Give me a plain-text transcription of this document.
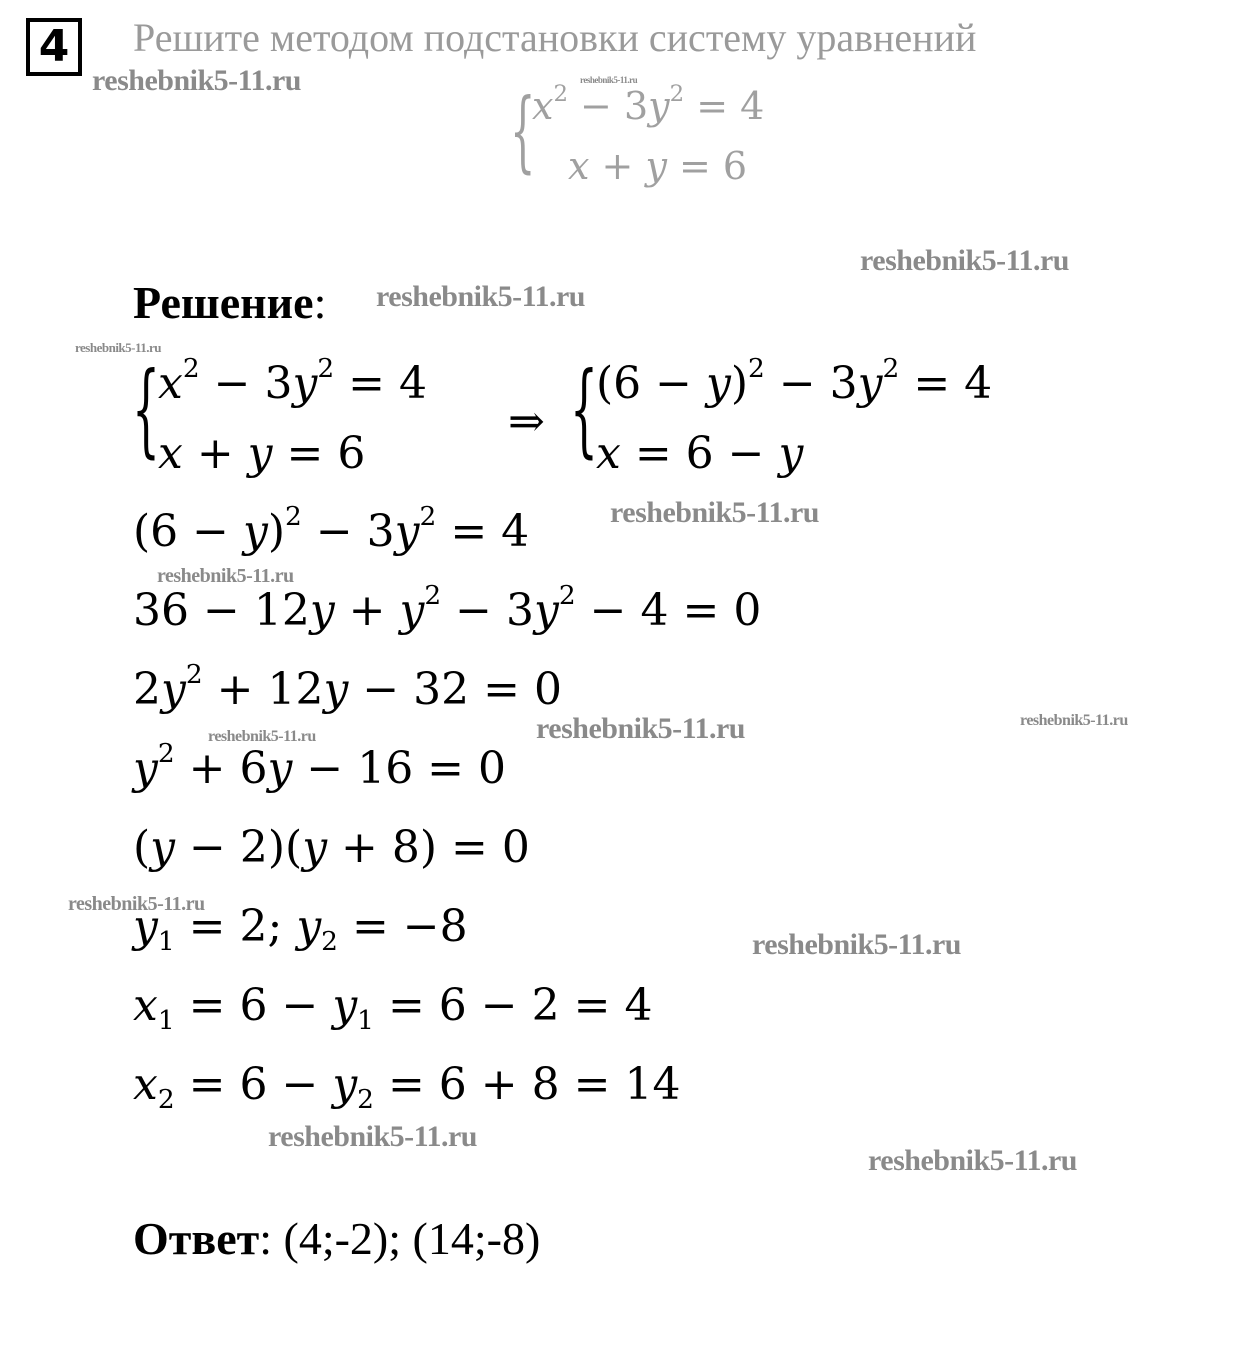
4	Решите методом подстановки систему уравнений
{
$x^2 - 3y^2 = 4$
x + y = 6
Решение:
{
$x^2 - 3y^2 = 4$
x + y = 6
⇒ {
$(6 - y)^2 - 3y^2 = 4$
x = 6 − y
$(6 - y)^2 - 3y^2 = 4$
$36 - 12y + y^2 - 3y^2 - 4 = 0$
$2y^2 + 12y - 32 = 0$
$y^2 + 6y - 16 = 0$
(y − 2)(y + 8) = 0
$y_1 = 2$; $y_2 = -8$
$x_1 = 6 - y_1 = 6 - 2 = 4$
$x_2 = 6 - y_2 = 6 + 8 = 14$
Ответ: (4;-2); (14;-8)
reshebnik5-11.ru	reshebnik5-11.ru
reshebnik5-11.ru
reshebnik5-11.ru
reshebnik5-11.ru
reshebnik5-11.ru
reshebnik5-11.ru
reshebnik5-11.ru	reshebnik5-11.ru
reshebnik5-11.ru
reshebnik5-11.ru
reshebnik5-11.ru
reshebnik5-11.ru
reshebnik5-11.ru
